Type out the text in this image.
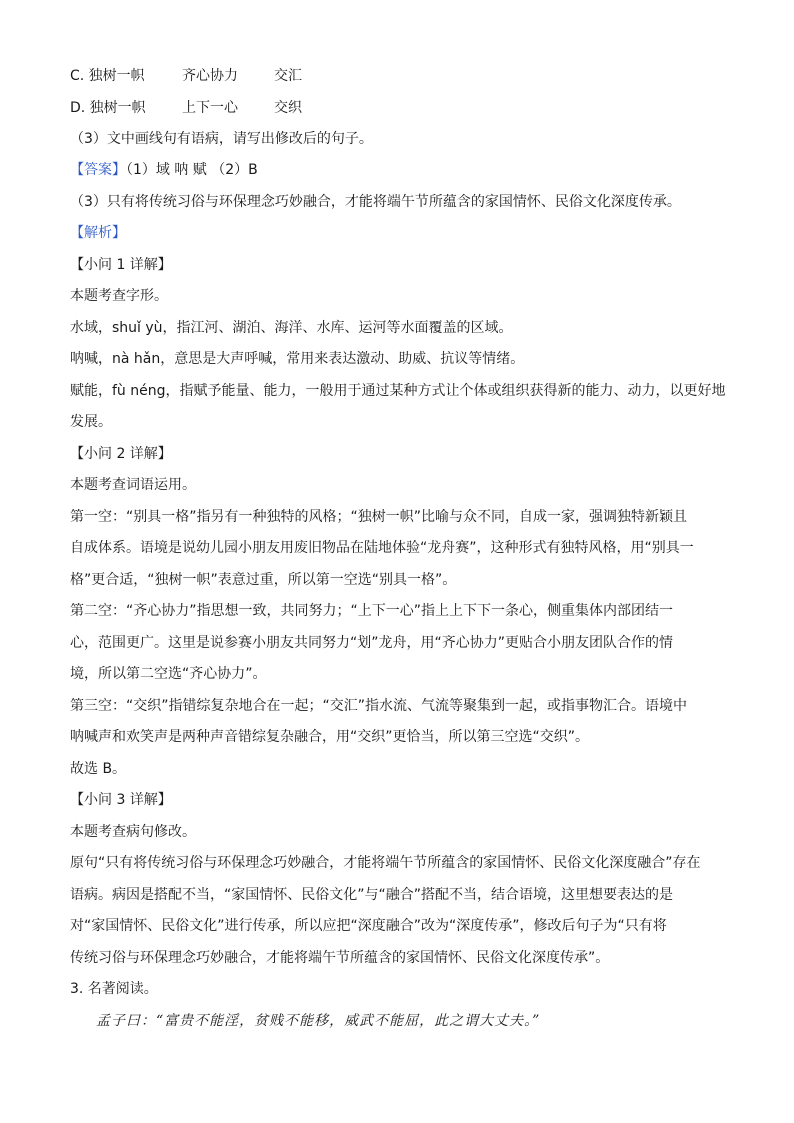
C. 独树一帜	齐心协力	交汇
D. 独树一帜	上下一心	交织
（3）文中画线句有语病，请写出修改后的句子。
【答案】（1）域 呐 赋 （2）B
（3）只有将传统习俗与环保理念巧妙融合，才能将端午节所蕴含的家国情怀、民俗文化深度传承。
【解析】
【小问 1 详解】
本题考查字形。
水域，shuǐ yù，指江河、湖泊、海洋、水库、运河等水面覆盖的区域。
呐喊，nà hǎn，意思是大声呼喊，常用来表达激动、助威、抗议等情绪。
赋能，fù néng，指赋予能量、能力，一般用于通过某种方式让个体或组织获得新的能力、动力，以更好地
发展。
【小问 2 详解】
本题考查词语运用。
第一空：“别具一格”指另有一种独特的风格；“独树一帜”比喻与众不同，自成一家，强调独特新颖且
自成体系。语境是说幼儿园小朋友用废旧物品在陆地体验“龙舟赛”，这种形式有独特风格，用“别具一
格”更合适，“独树一帜”表意过重，所以第一空选“别具一格”。
第二空：“齐心协力”指思想一致，共同努力；“上下一心”指上上下下一条心，侧重集体内部团结一
心，范围更广。这里是说参赛小朋友共同努力“划”龙舟，用“齐心协力”更贴合小朋友团队合作的情
境，所以第二空选“齐心协力”。
第三空：“交织”指错综复杂地合在一起；“交汇”指水流、气流等聚集到一起，或指事物汇合。语境中
呐喊声和欢笑声是两种声音错综复杂融合，用“交织”更恰当，所以第三空选“交织”。
故选 B。
【小问 3 详解】
本题考查病句修改。
原句“只有将传统习俗与环保理念巧妙融合，才能将端午节所蕴含的家国情怀、民俗文化深度融合”存在
语病。病因是搭配不当，“家国情怀、民俗文化”与“融合”搭配不当，结合语境，这里想要表达的是
对“家国情怀、民俗文化”进行传承，所以应把“深度融合”改为“深度传承”，修改后句子为“只有将
传统习俗与环保理念巧妙融合，才能将端午节所蕴含的家国情怀、民俗文化深度传承”。
3. 名著阅读。
孟子曰：“富贵不能淫，贫贱不能移，威武不能屈，此之谓大丈夫。”
